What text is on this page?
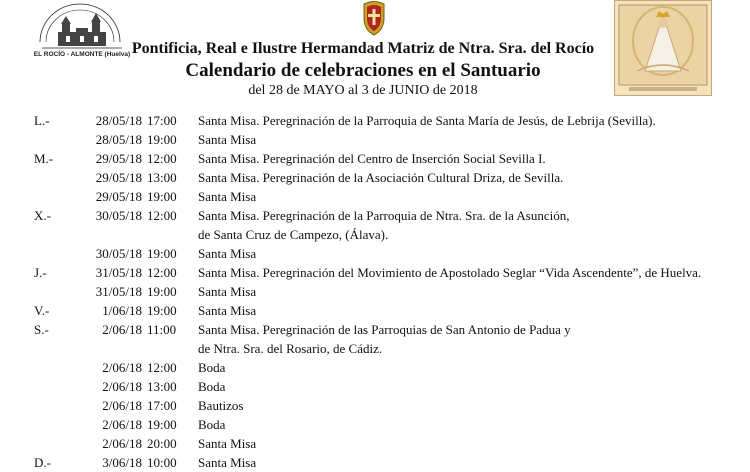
EL ROCÍO - ALMONTE (Huelva) Pontificia, Real e Ilustre Hermandad Matriz de Ntra. Sra. del Rocío
Calendario de celebraciones en el Santuario
del 28 de MAYO al 3 de JUNIO de 2018
L.-	28/05/18 17:00 Santa Misa. Peregrinación de la Parroquia de Santa María de Jesús, de Lebrija (Sevilla).
28/05/18 19:00 Santa Misa
M.-	29/05/18 12:00 Santa Misa. Peregrinación del Centro de Inserción Social Sevilla I.
29/05/18 13:00 Santa Misa. Peregrinación de la Asociación Cultural Driza, de Sevilla.
29/05/18 19:00 Santa Misa
X.-	30/05/18 12:00 Santa Misa. Peregrinación de la Parroquia de Ntra. Sra. de la Asunción,
de Santa Cruz de Campezo, (Álava).
30/05/18 19:00 Santa Misa
J.-	31/05/18 12:00 Santa Misa. Peregrinación del Movimiento de Apostolado Seglar “Vida Ascendente”, de Huelva.
31/05/18 19:00 Santa Misa
V.-	1/06/18 19:00 Santa Misa
S.-	2/06/18 11:00 Santa Misa. Peregrinación de las Parroquias de San Antonio de Padua y
de Ntra. Sra. del Rosario, de Cádiz.
2/06/18 12:00 Boda
2/06/18 13:00 Boda
2/06/18 17:00 Bautizos
2/06/18 19:00 Boda
2/06/18 20:00 Santa Misa
D.-	3/06/18 10:00 Santa Misa
